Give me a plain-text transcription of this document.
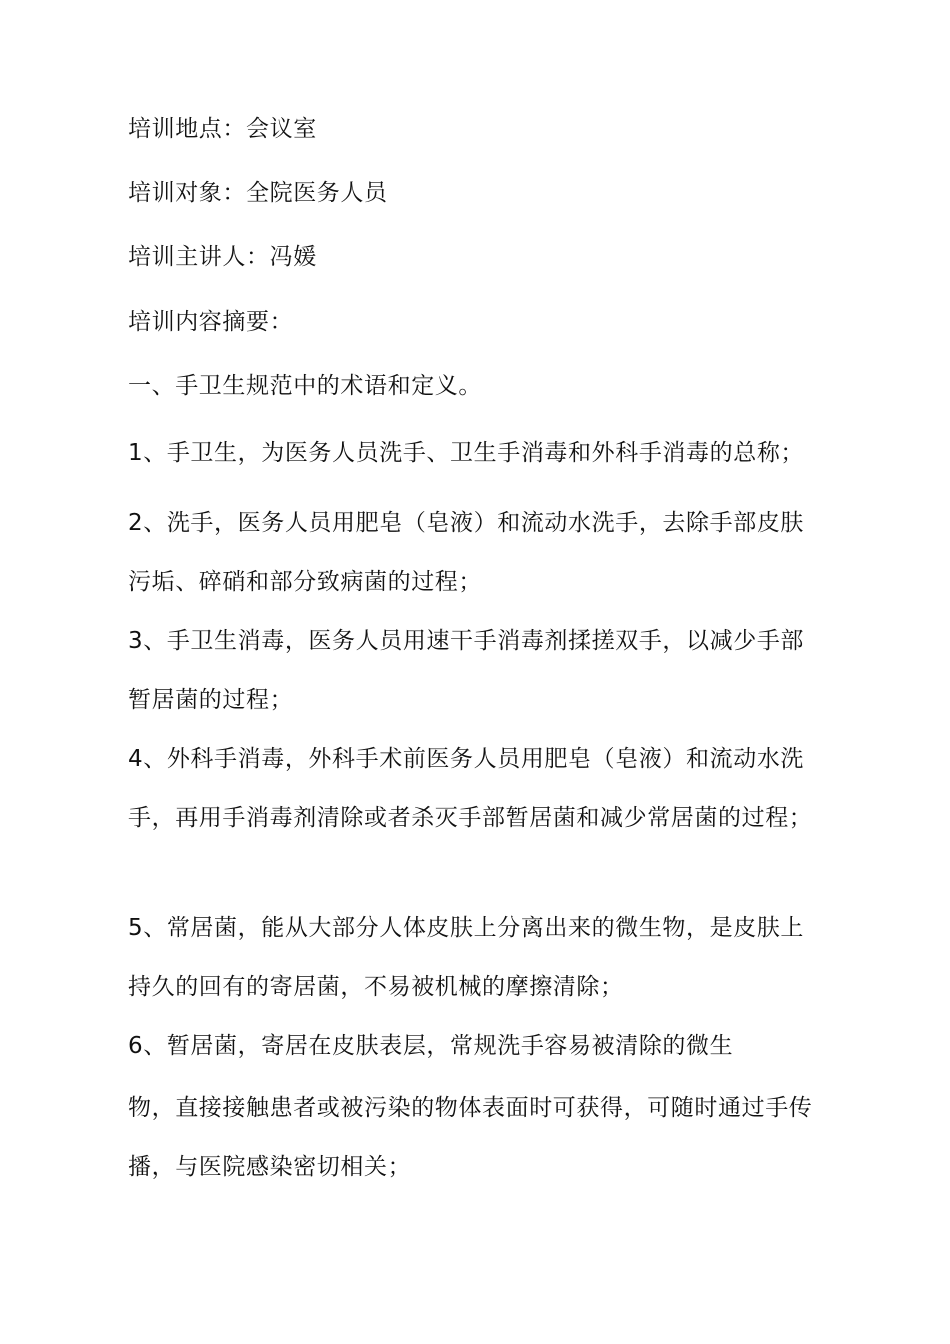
培训地点：会议室

培训对象：全院医务人员

培训主讲人：冯媛

培训内容摘要：

一、手卫生规范中的术语和定义。

1、手卫生，为医务人员洗手、卫生手消毒和外科手消毒的总称；

2、洗手，医务人员用肥皂（皂液）和流动水洗手，去除手部皮肤污垢、碎硝和部分致病菌的过程；

3、手卫生消毒，医务人员用速干手消毒剂揉搓双手，以减少手部暂居菌的过程；

4、外科手消毒，外科手术前医务人员用肥皂（皂液）和流动水洗手，再用手消毒剂清除或者杀灭手部暂居菌和减少常居菌的过程；

5、常居菌，能从大部分人体皮肤上分离出来的微生物，是皮肤上持久的回有的寄居菌，不易被机械的摩擦清除；

6、暂居菌，寄居在皮肤表层，常规洗手容易被清除的微生

物，直接接触患者或被污染的物体表面时可获得，可随时通过手传播，与医院感染密切相关；
